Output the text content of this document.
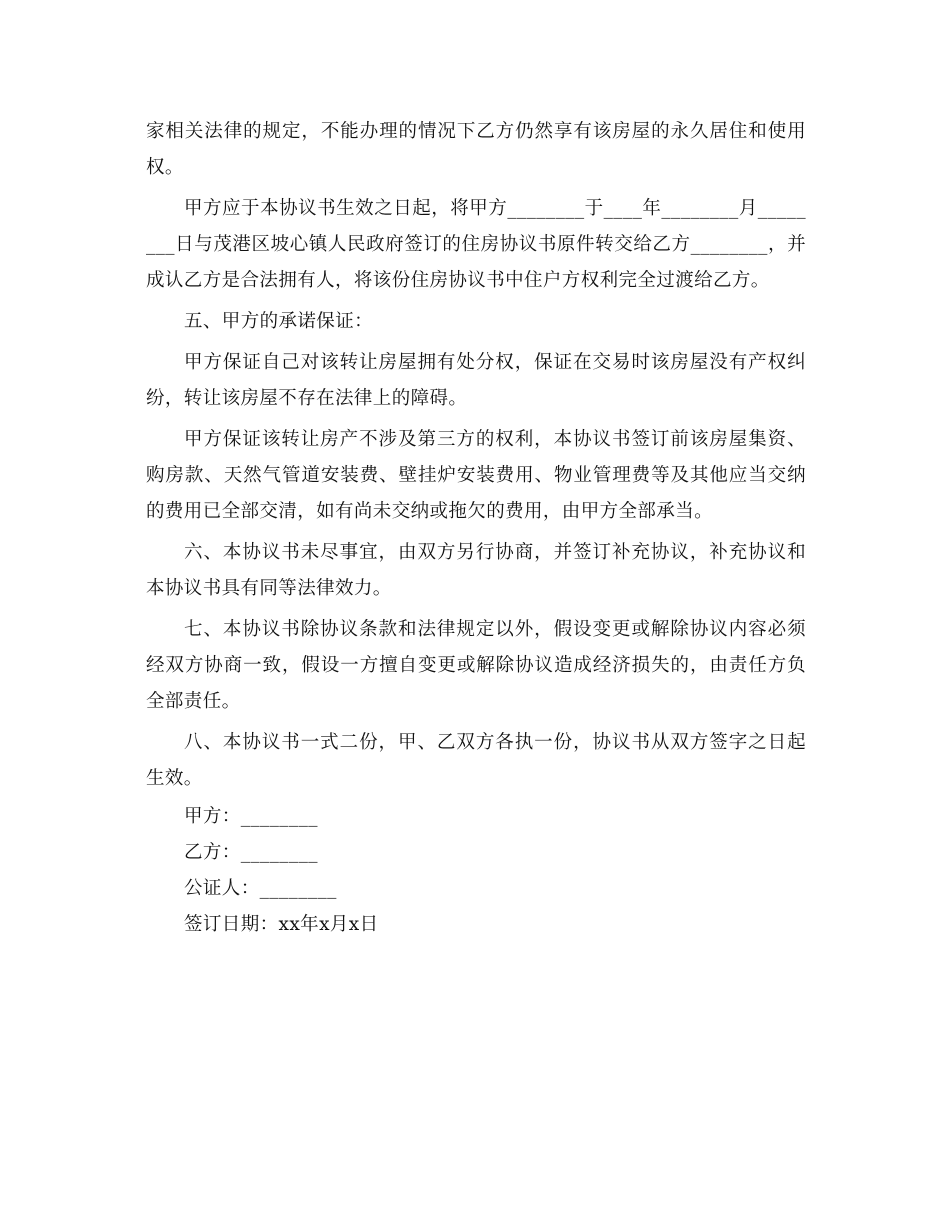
家相关法律的规定，不能办理的情况下乙方仍然享有该房屋的永久居住和使用权。

甲方应于本协议书生效之日起，将甲方________于____年________月________日与茂港区坡心镇人民政府签订的住房协议书原件转交给乙方________，并成认乙方是合法拥有人，将该份住房协议书中住户方权利完全过渡给乙方。

五、甲方的承诺保证：

甲方保证自己对该转让房屋拥有处分权，保证在交易时该房屋没有产权纠纷，转让该房屋不存在法律上的障碍。

甲方保证该转让房产不涉及第三方的权利，本协议书签订前该房屋集资、购房款、天然气管道安装费、壁挂炉安装费用、物业管理费等及其他应当交纳的费用已全部交清，如有尚未交纳或拖欠的费用，由甲方全部承当。

六、本协议书未尽事宜，由双方另行协商，并签订补充协议，补充协议和本协议书具有同等法律效力。

七、本协议书除协议条款和法律规定以外，假设变更或解除协议内容必须经双方协商一致，假设一方擅自变更或解除协议造成经济损失的，由责任方负全部责任。

八、本协议书一式二份，甲、乙双方各执一份，协议书从双方签字之日起生效。

甲方：________
乙方：________
公证人：________
签订日期：xx年x月x日
